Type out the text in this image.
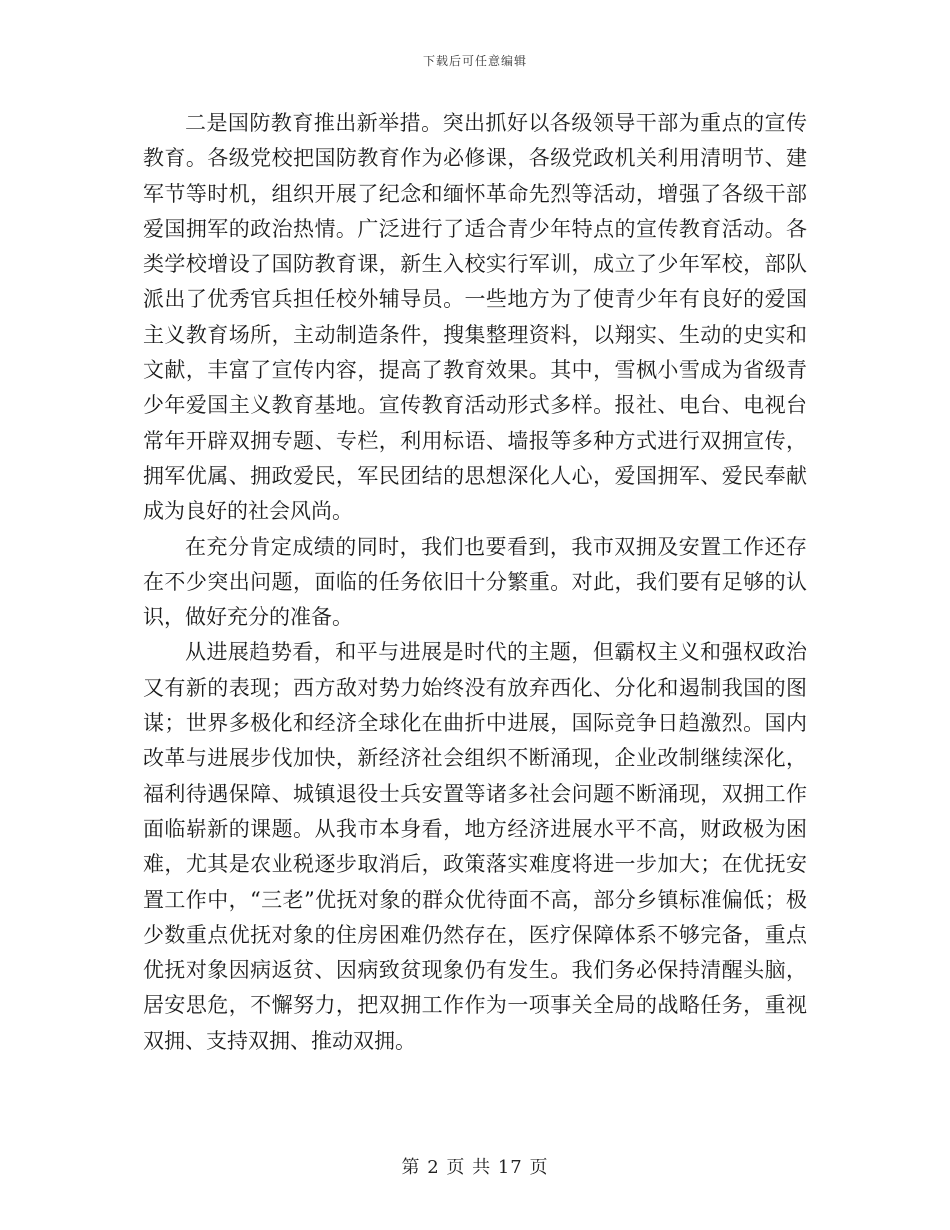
下载后可任意编辑

二是国防教育推出新举措。突出抓好以各级领导干部为重点的宣传教育。各级党校把国防教育作为必修课，各级党政机关利用清明节、建军节等时机，组织开展了纪念和缅怀革命先烈等活动，增强了各级干部爱国拥军的政治热情。广泛进行了适合青少年特点的宣传教育活动。各类学校增设了国防教育课，新生入校实行军训，成立了少年军校，部队派出了优秀官兵担任校外辅导员。一些地方为了使青少年有良好的爱国主义教育场所，主动制造条件，搜集整理资料，以翔实、生动的史实和文献，丰富了宣传内容，提高了教育效果。其中，雪枫小雪成为省级青少年爱国主义教育基地。宣传教育活动形式多样。报社、电台、电视台常年开辟双拥专题、专栏，利用标语、墙报等多种方式进行双拥宣传，拥军优属、拥政爱民，军民团结的思想深化人心，爱国拥军、爱民奉献成为良好的社会风尚。

在充分肯定成绩的同时，我们也要看到，我市双拥及安置工作还存在不少突出问题，面临的任务依旧十分繁重。对此，我们要有足够的认识，做好充分的准备。

从进展趋势看，和平与进展是时代的主题，但霸权主义和强权政治又有新的表现；西方敌对势力始终没有放弃西化、分化和遏制我国的图谋；世界多极化和经济全球化在曲折中进展，国际竞争日趋激烈。国内改革与进展步伐加快，新经济社会组织不断涌现，企业改制继续深化，福利待遇保障、城镇退役士兵安置等诸多社会问题不断涌现，双拥工作面临崭新的课题。从我市本身看，地方经济进展水平不高，财政极为困难，尤其是农业税逐步取消后，政策落实难度将进一步加大；在优抚安置工作中，“三老”优抚对象的群众优待面不高，部分乡镇标准偏低；极少数重点优抚对象的住房困难仍然存在，医疗保障体系不够完备，重点优抚对象因病返贫、因病致贫现象仍有发生。我们务必保持清醒头脑，居安思危，不懈努力，把双拥工作作为一项事关全局的战略任务，重视双拥、支持双拥、推动双拥。

第 2 页 共 17 页
